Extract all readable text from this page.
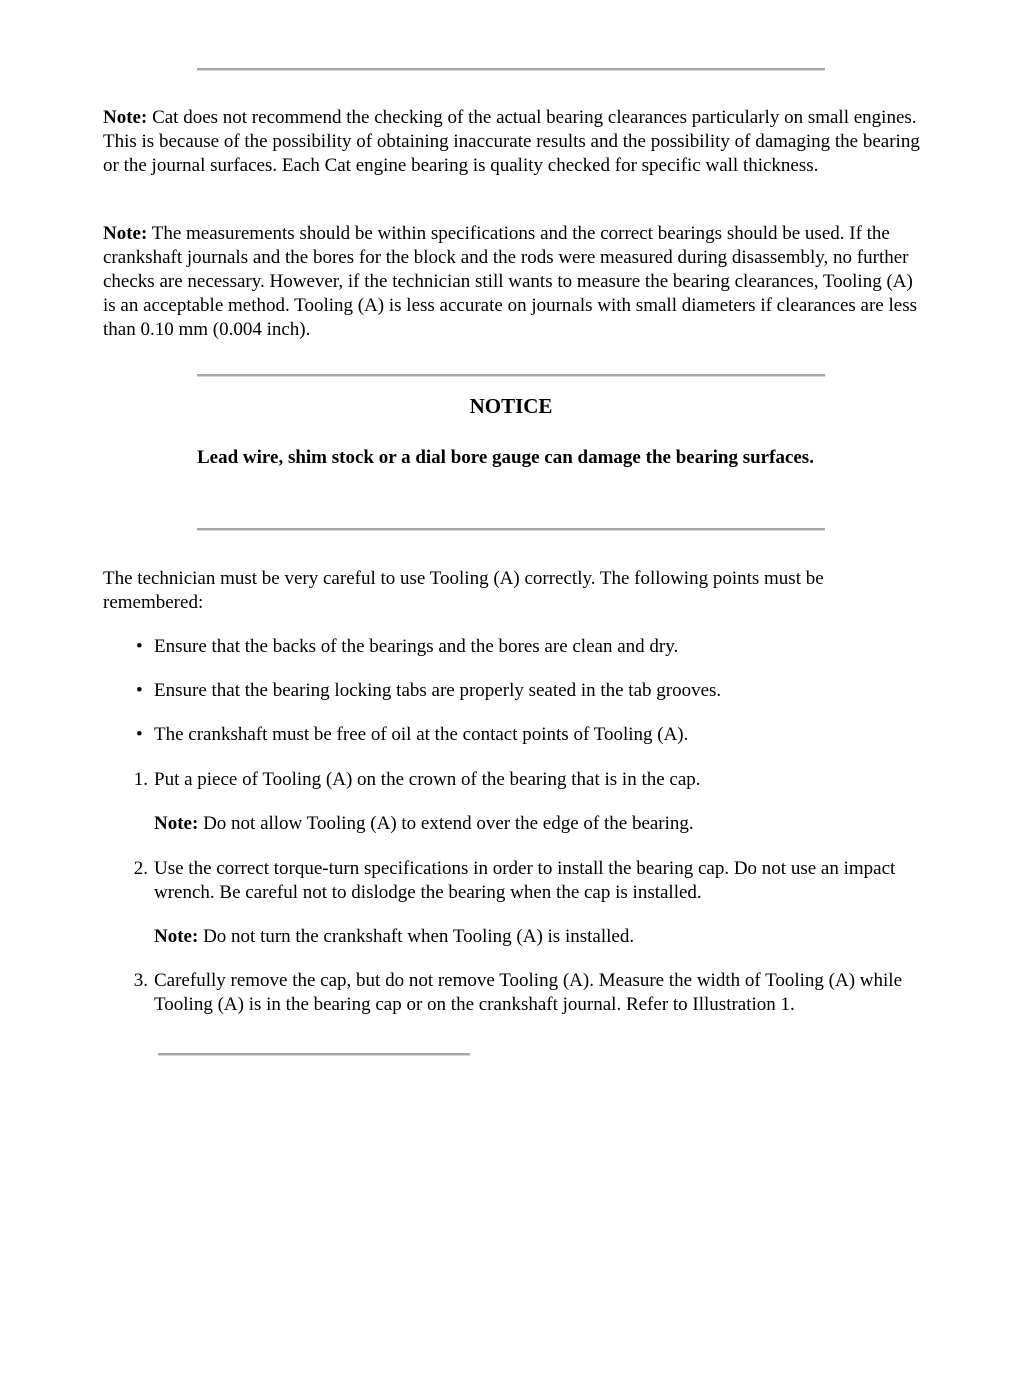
Note: Cat does not recommend the checking of the actual bearing clearances particularly on small engines. This is because of the possibility of obtaining inaccurate results and the possibility of damaging the bearing or the journal surfaces. Each Cat engine bearing is quality checked for specific wall thickness.

Note: The measurements should be within specifications and the correct bearings should be used. If the crankshaft journals and the bores for the block and the rods were measured during disassembly, no further checks are necessary. However, if the technician still wants to measure the bearing clearances, Tooling (A) is an acceptable method. Tooling (A) is less accurate on journals with small diameters if clearances are less than 0.10 mm (0.004 inch).

NOTICE

Lead wire, shim stock or a dial bore gauge can damage the bearing surfaces.

The technician must be very careful to use Tooling (A) correctly. The following points must be remembered:

• Ensure that the backs of the bearings and the bores are clean and dry.

• Ensure that the bearing locking tabs are properly seated in the tab grooves.

• The crankshaft must be free of oil at the contact points of Tooling (A).

1. Put a piece of Tooling (A) on the crown of the bearing that is in the cap.

Note: Do not allow Tooling (A) to extend over the edge of the bearing.

2. Use the correct torque-turn specifications in order to install the bearing cap. Do not use an impact wrench. Be careful not to dislodge the bearing when the cap is installed.

Note: Do not turn the crankshaft when Tooling (A) is installed.

3. Carefully remove the cap, but do not remove Tooling (A). Measure the width of Tooling (A) while Tooling (A) is in the bearing cap or on the crankshaft journal. Refer to Illustration 1.
